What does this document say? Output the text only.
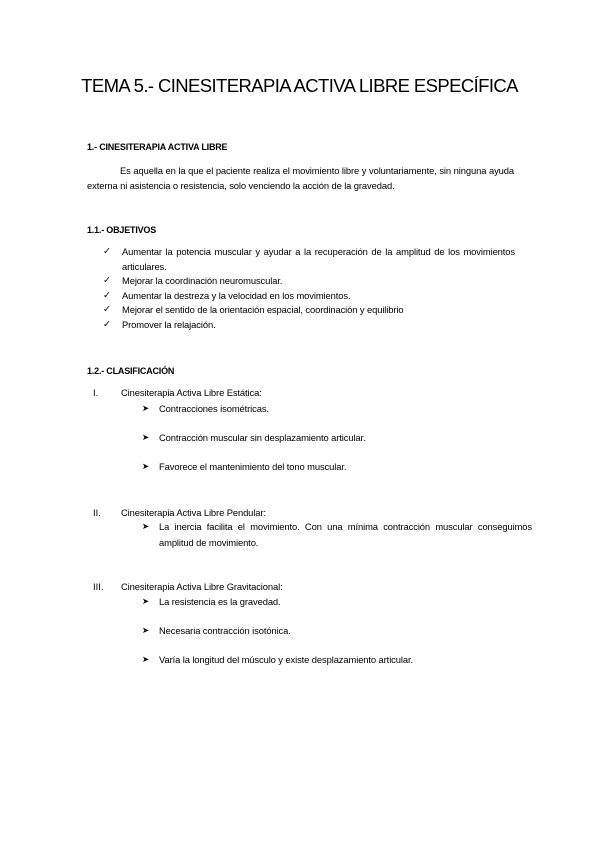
TEMA 5.- CINESITERAPIA ACTIVA LIBRE ESPECÍFICA
1.- CINESITERAPIA ACTIVA LIBRE
Es aquella en la que el paciente realiza el movimiento libre y voluntariamente, sin ninguna ayuda externa ni asistencia o resistencia, solo venciendo la acción de la gravedad.
1.1.- OBJETIVOS
✓ Aumentar la potencia muscular y ayudar a la recuperación de la amplitud de los movimientos articulares.
✓ Mejorar la coordinación neuromuscular.
✓ Aumentar la destreza y la velocidad en los movimientos.
✓ Mejorar el sentido de la orientación espacial, coordinación y equilibrio
✓ Promover la relajación.
1.2.- CLASIFICACIÓN
I.	Cinesiterapia Activa Libre Estática:
➤ Contracciones isométricas.
➤ Contracción muscular sin desplazamiento articular.
➤ Favorece el mantenimiento del tono muscular.
II.	Cinesiterapia Activa Libre Pendular:
➤ La inercia facilita el movimiento. Con una mínima contracción muscular conseguimos amplitud de movimiento.
III.	Cinesiterapia Activa Libre Gravitacional:
➤ La resistencia es la gravedad.
➤ Necesaria contracción isotónica.
➤ Varía la longitud del músculo y existe desplazamiento articular.
